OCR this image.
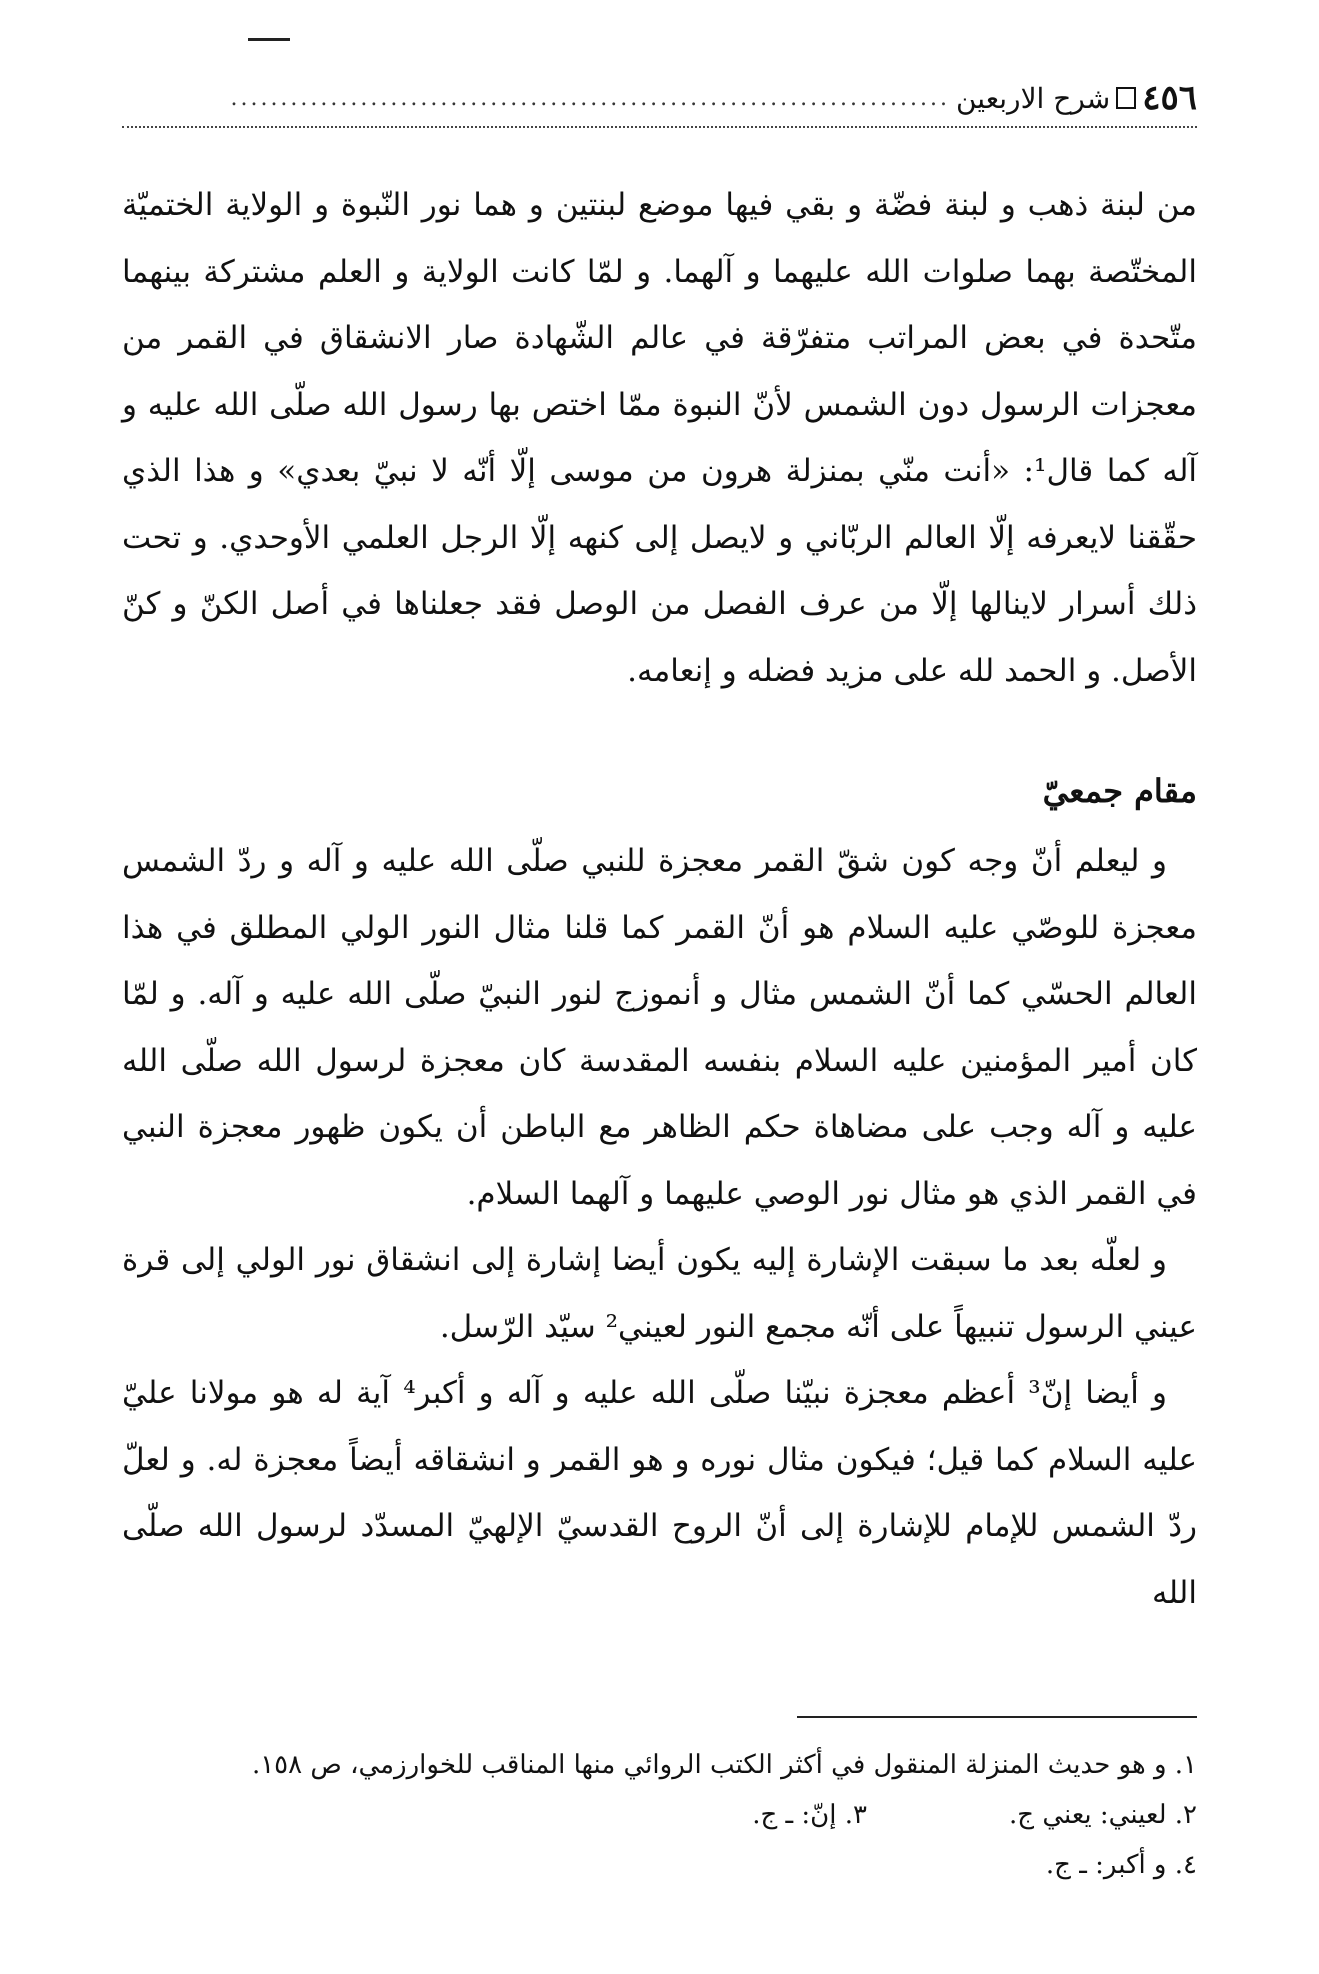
٤٥٦
شرح الاربعين
........................................................................

من لبنة ذهب و لبنة فضّة و بقي فيها موضع لبنتين و هما نور النّبوة و الولاية الختميّة المختّصة بهما صلوات الله عليهما و آلهما. و لمّا كانت الولاية و العلم مشتركة بينهما متّحدة في بعض المراتب متفرّقة في عالم الشّهادة صار الانشقاق في القمر من معجزات الرسول دون الشمس لأنّ النبوة ممّا اختص بها رسول الله صلّى الله عليه و آله كما قال¹: «أنت منّي بمنزلة هرون من موسى إلّا أنّه لا نبيّ بعدي» و هذا الذي حقّقنا لايعرفه إلّا العالم الربّاني و لايصل إلى كنهه إلّا الرجل العلمي الأوحدي. و تحت ذلك أسرار لاينالها إلّا من عرف الفصل من الوصل فقد جعلناها في أصل الكنّ و كنّ الأصل. و الحمد لله على مزيد فضله و إنعامه.

مقام جمعيّ

و ليعلم أنّ وجه كون شقّ القمر معجزة للنبي صلّى الله عليه و آله و ردّ الشمس معجزة للوصّي عليه السلام هو أنّ القمر كما قلنا مثال النور الولي المطلق في هذا العالم الحسّي كما أنّ الشمس مثال و أنموزج لنور النبيّ صلّى الله عليه و آله. و لمّا كان أمير المؤمنين عليه السلام بنفسه المقدسة كان معجزة لرسول الله صلّى الله عليه و آله وجب على مضاهاة حكم الظاهر مع الباطن أن يكون ظهور معجزة النبي في القمر الذي هو مثال نور الوصي عليهما و آلهما السلام.

و لعلّه بعد ما سبقت الإشارة إليه يكون أيضا إشارة إلى انشقاق نور الولي إلى قرة عيني الرسول تنبيهاً على أنّه مجمع النور لعيني² سيّد الرّسل.

و أيضا إنّ³ أعظم معجزة نبيّنا صلّى الله عليه و آله و أكبر⁴ آية له هو مولانا عليّ عليه السلام كما قيل؛ فيكون مثال نوره و هو القمر و انشقاقه أيضاً معجزة له. و لعلّ ردّ الشمس للإمام للإشارة إلى أنّ الروح القدسيّ الإلهيّ المسدّد لرسول الله صلّى الله

١. و هو حديث المنزلة المنقول في أكثر الكتب الروائي منها المناقب للخوارزمي، ص ١٥٨.
٢. لعيني: يعني ج.
٣. إنّ: ـ ج.
٤. و أكبر: ـ ج.
